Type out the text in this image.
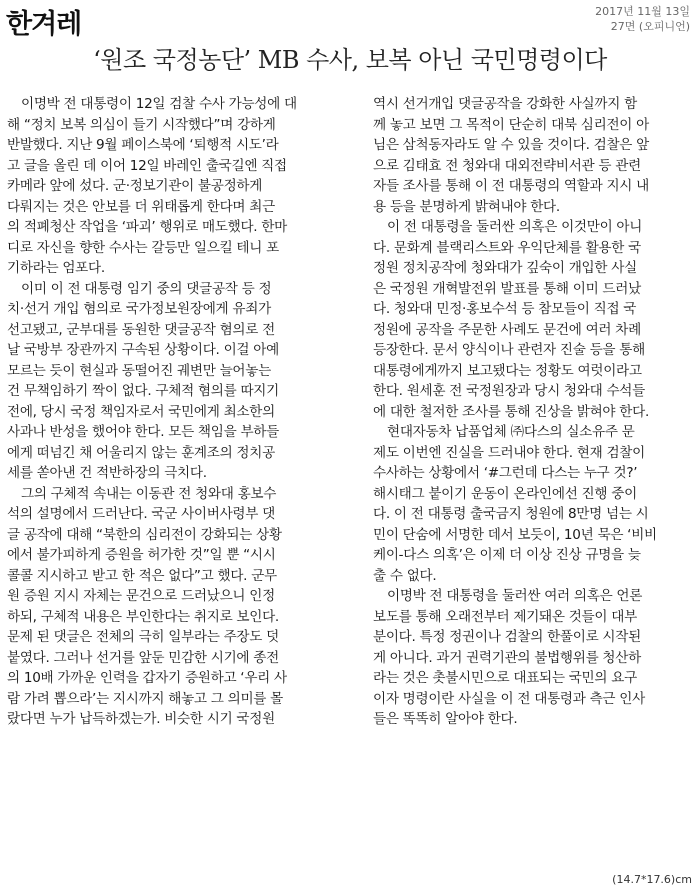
한겨레	2017년 11월 13일
27면 (오피니언)
‘원조 국정농단’ MB 수사, 보복 아닌 국민명령이다
이명박 전 대통령이 12일 검찰 수사 가능성에 대
해 “정치 보복 의심이 들기 시작했다”며 강하게
반발했다. 지난 9월 페이스북에 ‘퇴행적 시도’라
고 글을 올린 데 이어 12일 바레인 출국길엔 직접
카메라 앞에 섰다. 군·정보기관이 불공정하게
다뤄지는 것은 안보를 더 위태롭게 한다며 최근
의 적폐청산 작업을 ‘파괴’ 행위로 매도했다. 한마
디로 자신을 향한 수사는 갈등만 일으킬 테니 포
기하라는 엄포다.
이미 이 전 대통령 임기 중의 댓글공작 등 정
치·선거 개입 혐의로 국가정보원장에게 유죄가
선고됐고, 군부대를 동원한 댓글공작 혐의로 전
날 국방부 장관까지 구속된 상황이다. 이걸 아예
모르는 듯이 현실과 동떨어진 궤변만 늘어놓는
건 무책임하기 짝이 없다. 구체적 혐의를 따지기
전에, 당시 국정 책임자로서 국민에게 최소한의
사과나 반성을 했어야 한다. 모든 책임을 부하들
에게 떠넘긴 채 어울리지 않는 훈계조의 정치공
세를 쏟아낸 건 적반하장의 극치다.
그의 구체적 속내는 이동관 전 청와대 홍보수
석의 설명에서 드러난다. 국군 사이버사령부 댓
글 공작에 대해 “북한의 심리전이 강화되는 상황
에서 불가피하게 증원을 허가한 것”일 뿐 “시시
콜콜 지시하고 받고 한 적은 없다”고 했다. 군무
원 증원 지시 자체는 문건으로 드러났으니 인정
하되, 구체적 내용은 부인한다는 취지로 보인다.
문제 된 댓글은 전체의 극히 일부라는 주장도 덧
붙였다. 그러나 선거를 앞둔 민감한 시기에 종전
의 10배 가까운 인력을 갑자기 증원하고 ‘우리 사
람 가려 뽑으라’는 지시까지 해놓고 그 의미를 몰
랐다면 누가 납득하겠는가. 비슷한 시기 국정원
역시 선거개입 댓글공작을 강화한 사실까지 함
께 놓고 보면 그 목적이 단순히 대북 심리전이 아
님은 삼척동자라도 알 수 있을 것이다. 검찰은 앞
으로 김태효 전 청와대 대외전략비서관 등 관련
자들 조사를 통해 이 전 대통령의 역할과 지시 내
용 등을 분명하게 밝혀내야 한다.
이 전 대통령을 둘러싼 의혹은 이것만이 아니
다. 문화계 블랙리스트와 우익단체를 활용한 국
정원 정치공작에 청와대가 깊숙이 개입한 사실
은 국정원 개혁발전위 발표를 통해 이미 드러났
다. 청와대 민정·홍보수석 등 참모들이 직접 국
정원에 공작을 주문한 사례도 문건에 여러 차례
등장한다. 문서 양식이나 관련자 진술 등을 통해
대통령에게까지 보고됐다는 정황도 여럿이라고
한다. 원세훈 전 국정원장과 당시 청와대 수석들
에 대한 철저한 조사를 통해 진상을 밝혀야 한다.
현대자동차 납품업체 ㈜다스의 실소유주 문
제도 이번엔 진실을 드러내야 한다. 현재 검찰이
수사하는 상황에서 ‘#그런데 다스는 누구 것?’
해시태그 붙이기 운동이 온라인에선 진행 중이
다. 이 전 대통령 출국금지 청원에 8만명 넘는 시
민이 단숨에 서명한 데서 보듯이, 10년 묵은 ‘비비
케이-다스 의혹’은 이제 더 이상 진상 규명을 늦
출 수 없다.
이명박 전 대통령을 둘러싼 여러 의혹은 언론
보도를 통해 오래전부터 제기돼온 것들이 대부
분이다. 특정 정권이나 검찰의 한풀이로 시작된
게 아니다. 과거 권력기관의 불법행위를 청산하
라는 것은 촛불시민으로 대표되는 국민의 요구
이자 명령이란 사실을 이 전 대통령과 측근 인사
들은 똑똑히 알아야 한다.
(14.7*17.6)cm
